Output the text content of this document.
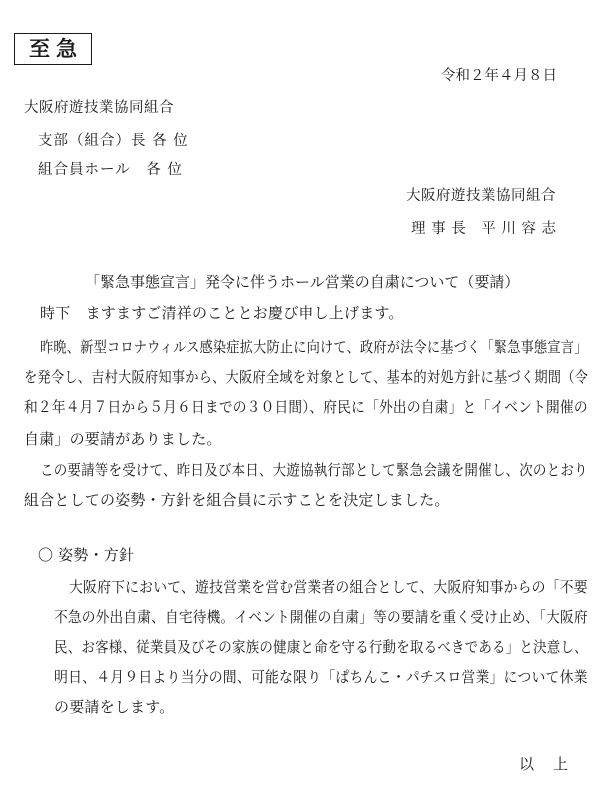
至急
令和２年４月８日
大阪府遊技業協同組合
支部（組合）長 各 位
組合員ホール　各 位
大阪府遊技業協同組合
理 事 長　平 川 容 志
「緊急事態宣言」発令に伴うホール営業の自粛について（要請）
時下　ますますご清祥のこととお慶び申し上げます。
昨晩、新型コロナウィルス感染症拡大防止に向けて、政府が法令に基づく「緊急事態宣言」
を発令し、吉村大阪府知事から、大阪府全域を対象として、基本的対処方針に基づく期間（令
和２年４月７日から５月６日までの３０日間）、府民に「外出の自粛」と「イベント開催の
自粛」の要請がありました。
この要請等を受けて、昨日及び本日、大遊協執行部として緊急会議を開催し、次のとおり
組合としての姿勢・方針を組合員に示すことを決定しました。
〇 姿勢・方針
大阪府下において、遊技営業を営む営業者の組合として、大阪府知事からの「不要
不急の外出自粛、自宅待機。イベント開催の自粛」等の要請を重く受け止め、「大阪府
民、お客様、従業員及びその家族の健康と命を守る行動を取るべきである」と決意し、
明日、４月９日より当分の間、可能な限り「ぱちんこ・パチスロ営業」について休業
の要請をします。
以　上
